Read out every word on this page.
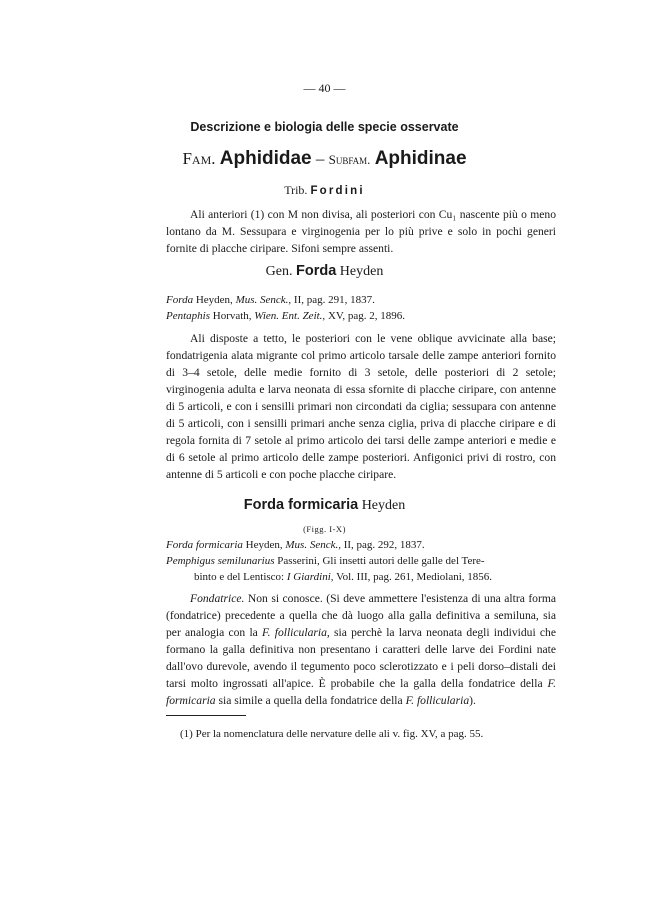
— 40 —
Descrizione e biologia delle specie osservate
Fam. Aphididae – Subfam. Aphidinae
Trib. Fordini

Ali anteriori (1) con M non divisa, ali posteriori con Cu₁ nascente più o meno lontano da M. Sessupara e virginogenia per lo più prive e solo in pochi generi fornite di placche ciripare. Sifoni sempre assenti.

Gen. Forda Heyden
Forda Heyden, Mus. Senck., II, pag. 291, 1837.
Pentaphis Horvath, Wien. Ent. Zeit., XV, pag. 2, 1896.

Ali disposte a tetto, le posteriori con le vene oblique avvicinate alla base; fondatrigenia alata migrante col primo articolo tarsale delle zampe anteriori fornito di 3–4 setole, delle medie fornito di 3 setole, delle posteriori di 2 setole; virginogenia adulta e larva neonata di essa sfornite di placche ciripare, con antenne di 5 articoli, e con i sensilli primari non circondati da ciglia; sessupara con antenne di 5 articoli, con i sensilli primari anche senza ciglia, priva di placche ciripare e di regola fornita di 7 setole al primo articolo dei tarsi delle zampe anteriori e medie e di 6 setole al primo articolo delle zampe posteriori. Anfigonici privi di rostro, con antenne di 5 articoli e con poche placche ciripare.

Forda formicaria Heyden
(Figg. I-X)
Forda formicaria Heyden, Mus. Senck., II, pag. 292, 1837.
Pemphigus semilunarius Passerini, Gli insetti autori delle galle del Tere-
binto e del Lentisco: I Giardini, Vol. III, pag. 261, Mediolani, 1856.

Fondatrice. Non si conosce. (Si deve ammettere l'esistenza di una altra forma (fondatrice) precedente a quella che dà luogo alla galla definitiva a semiluna, sia per analogia con la F. follicularia, sia perchè la larva neonata degli individui che formano la galla definitiva non presentano i caratteri delle larve dei Fordini nate dall'ovo durevole, avendo il tegumento poco sclerotizzato e i peli dorso–distali dei tarsi molto ingrossati all'apice. È probabile che la galla della fondatrice della F. formicaria sia simile a quella della fondatrice della F. follicularia).

(1) Per la nomenclatura delle nervature delle ali v. fig. XV, a pag. 55.
